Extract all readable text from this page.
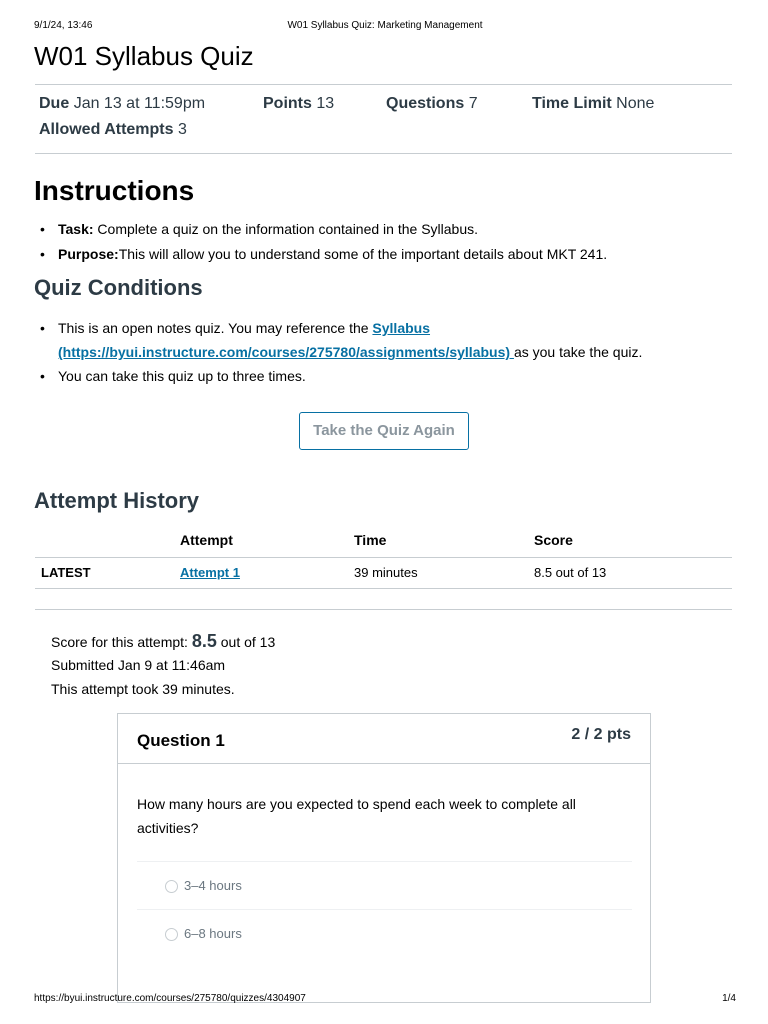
9/1/24, 13:46	W01 Syllabus Quiz: Marketing Management
W01 Syllabus Quiz
Due Jan 13 at 11:59pm	Points 13	Questions 7	Time Limit None
Allowed Attempts 3
Instructions
• Task: Complete a quiz on the information contained in the Syllabus.
• Purpose:This will allow you to understand some of the important details about MKT 241.
Quiz Conditions
• This is an open notes quiz. You may reference the Syllabus
(https://byui.instructure.com/courses/275780/assignments/syllabus) as you take the quiz.
• You can take this quiz up to three times.
Take the Quiz Again
Attempt History
	Attempt	Time	Score
LATEST	Attempt 1	39 minutes	8.5 out of 13
Score for this attempt: 8.5 out of 13
Submitted Jan 9 at 11:46am
This attempt took 39 minutes.
Question 1	2 / 2 pts
How many hours are you expected to spend each week to complete all activities?
3–4 hours
6–8 hours
https://byui.instructure.com/courses/275780/quizzes/4304907	1/4
